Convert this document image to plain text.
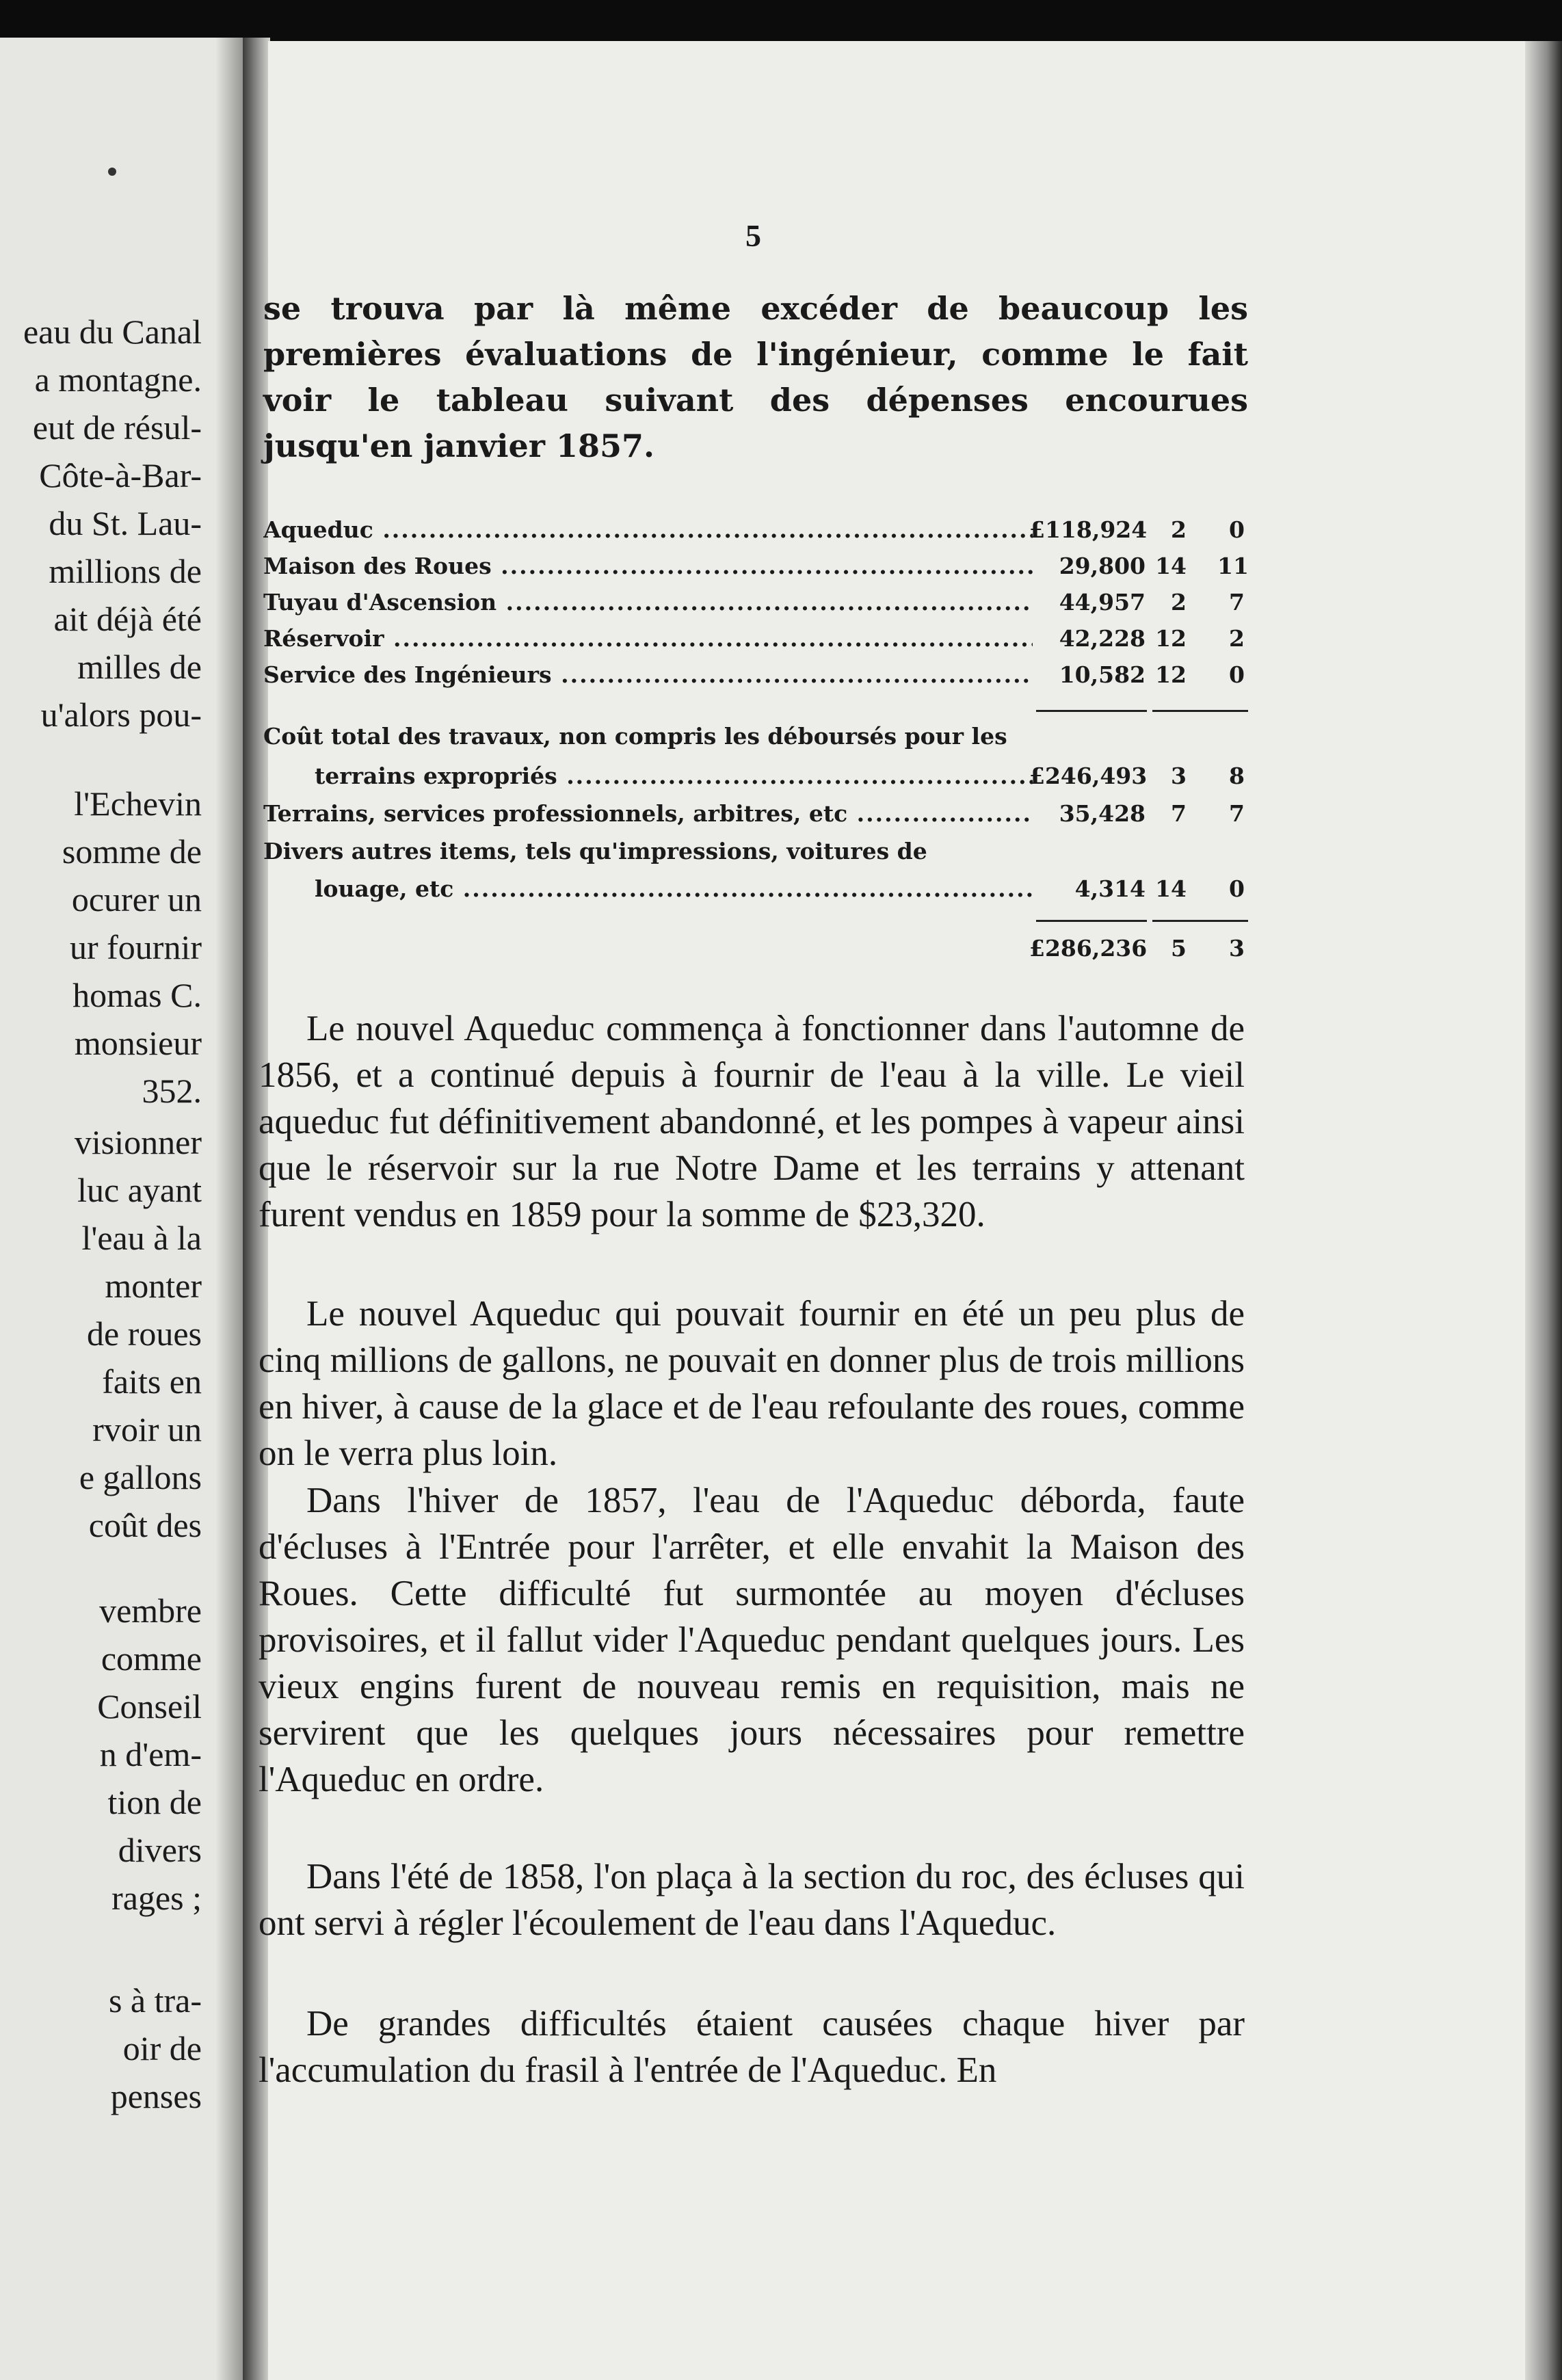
eau du Canal
a montagne.
eut de résul-
Côte-à-Bar-
du St. Lau-
millions de
ait déjà été
milles de
u'alors pou-
l'Echevin
somme de
ocurer un
ur fournir
homas C.
monsieur
352.
visionner
luc ayant
l'eau à la
monter
de roues
faits en
rvoir un
e gallons
coût des
vembre
comme
Conseil
n d'em-
tion de
divers
rages ;
s à tra-
oir de
penses
5
se trouva par là même excéder de beaucoup les premières évaluations de l'ingénieur, comme le fait voir le tableau suivant des dépenses encourues jusqu'en janvier 1857.
Aqueduc .....	£118,924	2	0
Maison des Roues .....	29,800 14 11
Tuyau d'Ascension .....	44,957	2	7
Réservoir .....	42,228 12	2
Service des Ingénieurs .....	10,582 12	0
Coût total des travaux, non compris les déboursés pour les
terrains expropriés .....	£246,493	3	8
Terrains, services professionnels, arbitres, etc .....	35,428	7	7
Divers autres items, tels qu'impressions, voitures de
louage, etc .....	4,314 14	0
£286,236	5	3
Le nouvel Aqueduc commença à fonctionner dans l'automne de 1856, et a continué depuis à fournir de l'eau à la ville. Le vieil aqueduc fut définitivement abandonné, et les pompes à vapeur ainsi que le réservoir sur la rue Notre Dame et les terrains y attenant furent vendus en 1859 pour la somme de $23,320.
Le nouvel Aqueduc qui pouvait fournir en été un peu plus de cinq millions de gallons, ne pouvait en donner plus de trois millions en hiver, à cause de la glace et de l'eau refoulante des roues, comme on le verra plus loin.
Dans l'hiver de 1857, l'eau de l'Aqueduc déborda, faute d'écluses à l'Entrée pour l'arrêter, et elle envahit la Maison des Roues. Cette difficulté fut surmontée au moyen d'écluses provisoires, et il fallut vider l'Aqueduc pendant quelques jours. Les vieux engins furent de nouveau remis en requisition, mais ne servirent que les quelques jours nécessaires pour remettre l'Aqueduc en ordre.
Dans l'été de 1858, l'on plaça à la section du roc, des écluses qui ont servi à régler l'écoulement de l'eau dans l'Aqueduc.
De grandes difficultés étaient causées chaque hiver par l'accumulation du frasil à l'entrée de l'Aqueduc. En
